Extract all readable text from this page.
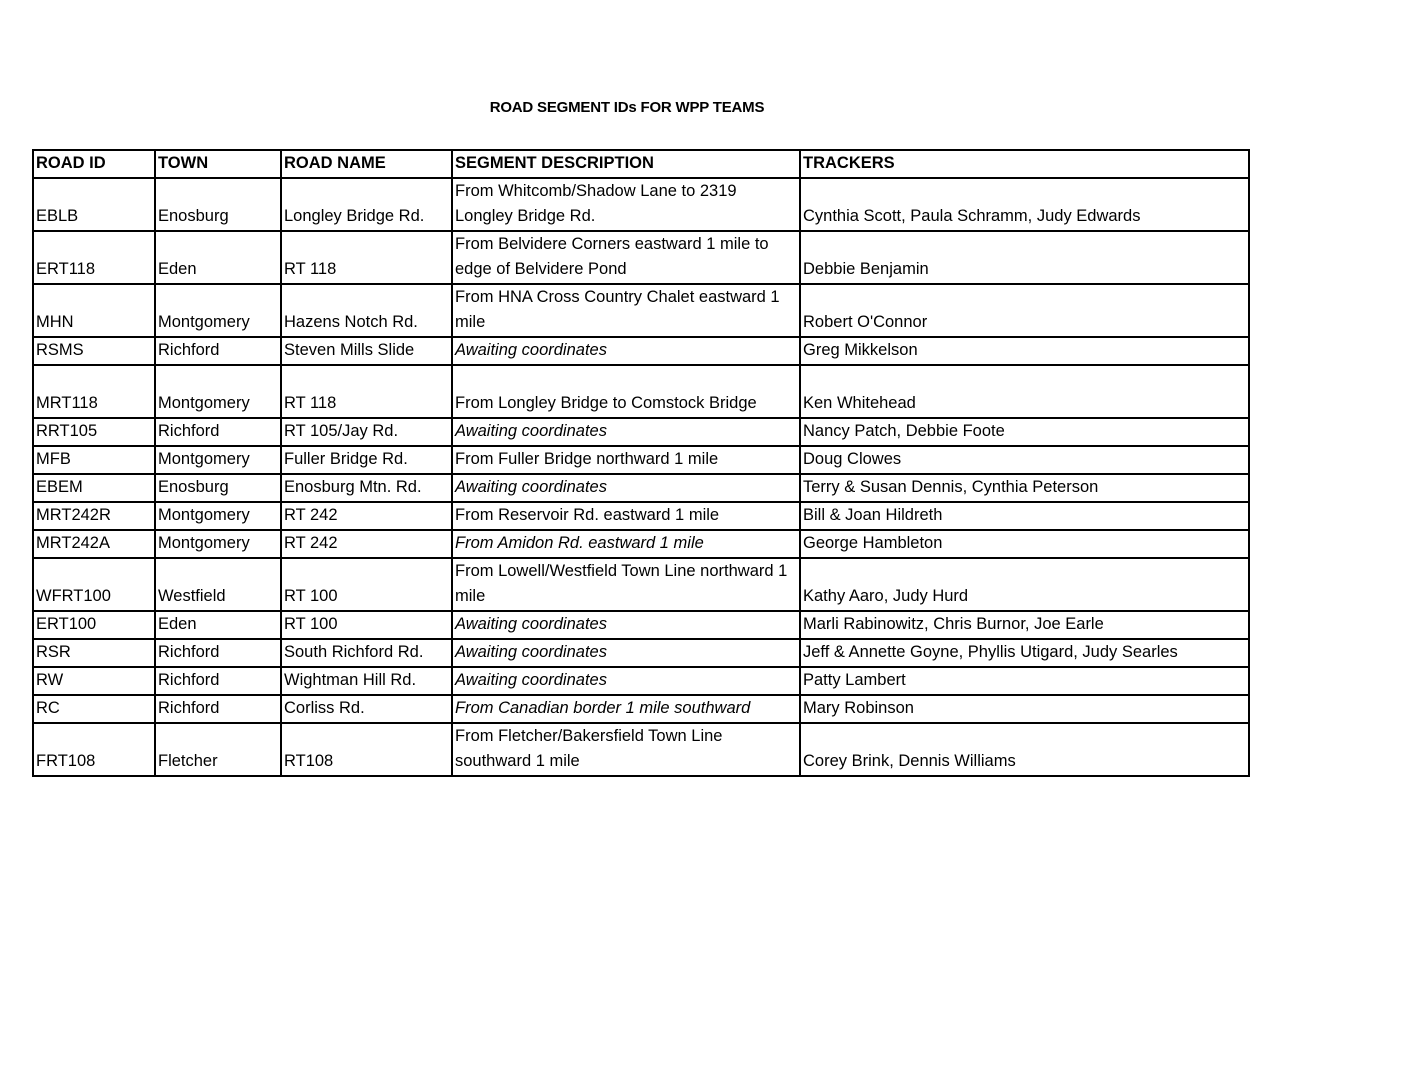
ROAD SEGMENT IDs FOR WPP TEAMS
ROAD ID	TOWN	ROAD NAME	SEGMENT DESCRIPTION	TRACKERS
EBLB	Enosburg	Longley Bridge Rd.	From Whitcomb/Shadow Lane to 2319 Longley Bridge Rd.	Cynthia Scott, Paula Schramm, Judy Edwards
ERT118	Eden	RT 118	From Belvidere Corners eastward 1 mile to edge of Belvidere Pond	Debbie Benjamin
MHN	Montgomery	Hazens Notch Rd.	From HNA Cross Country Chalet eastward 1 mile	Robert O'Connor
RSMS	Richford	Steven Mills Slide	Awaiting coordinates	Greg Mikkelson
MRT118	Montgomery	RT 118	From Longley Bridge to Comstock Bridge	Ken Whitehead
RRT105	Richford	RT 105/Jay Rd.	Awaiting coordinates	Nancy Patch, Debbie Foote
MFB	Montgomery	Fuller Bridge Rd.	From Fuller Bridge northward 1 mile	Doug Clowes
EBEM	Enosburg	Enosburg Mtn. Rd.	Awaiting coordinates	Terry & Susan Dennis, Cynthia Peterson
MRT242R	Montgomery	RT 242	From Reservoir Rd. eastward 1 mile	Bill & Joan Hildreth
MRT242A	Montgomery	RT 242	From Amidon Rd. eastward 1 mile	George Hambleton
WFRT100	Westfield	RT 100	From Lowell/Westfield Town Line northward 1 mile	Kathy Aaro, Judy Hurd
ERT100	Eden	RT 100	Awaiting coordinates	Marli Rabinowitz, Chris Burnor, Joe Earle
RSR	Richford	South Richford Rd.	Awaiting coordinates	Jeff & Annette Goyne, Phyllis Utigard, Judy Searles
RW	Richford	Wightman Hill Rd.	Awaiting coordinates	Patty Lambert
RC	Richford	Corliss Rd.	From Canadian border 1 mile southward	Mary Robinson
FRT108	Fletcher	RT108	From Fletcher/Bakersfield Town Line southward 1 mile	Corey Brink, Dennis Williams
